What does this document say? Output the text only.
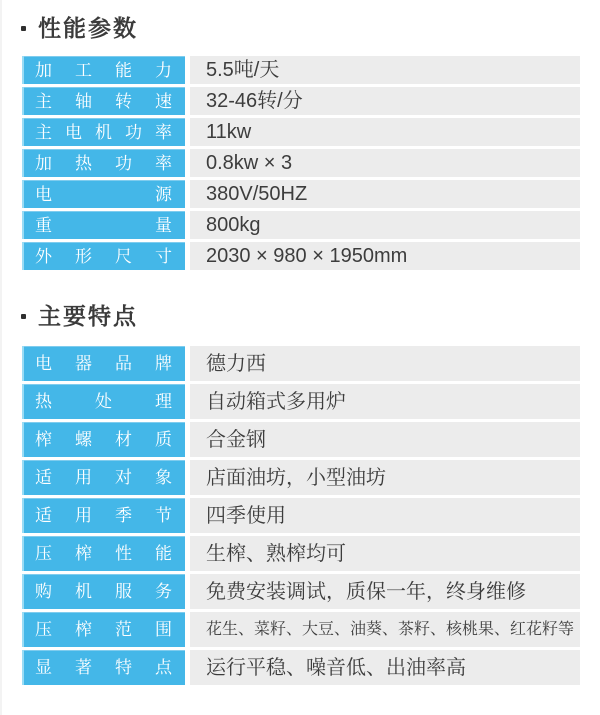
性能参数
加工能力	5.5吨/天
主轴转速	32-46转/分
主电机功率	11kw
加热功率	0.8kw × 3
电源	380V/50HZ
重量	800kg
外形尺寸	2030 × 980 × 1950mm
主要特点
电器品牌	德力西
热处理	自动箱式多用炉
榨螺材质	合金钢
适用对象	店面油坊，小型油坊
适用季节	四季使用
压榨性能	生榨、熟榨均可
购机服务	免费安装调试，质保一年，终身维修
压榨范围	花生、菜籽、大豆、油葵、茶籽、核桃果、红花籽等
显著特点	运行平稳、噪音低、出油率高
